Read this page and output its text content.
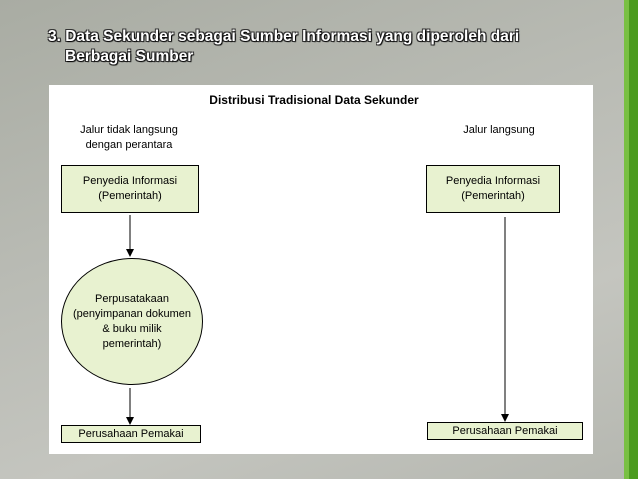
3. Data Sekunder sebagai Sumber Informasi yang diperoleh dari
Berbagai Sumber
Distribusi Tradisional Data Sekunder
Jalur tidak langsung
dengan perantara
Jalur langsung
Penyedia Informasi
(Pemerintah)
Penyedia Informasi
(Pemerintah)
Perpusatakaan
(penyimpanan dokumen
& buku milik
pemerintah)
Perusahaan Pemakai	Perusahaan Pemakai
